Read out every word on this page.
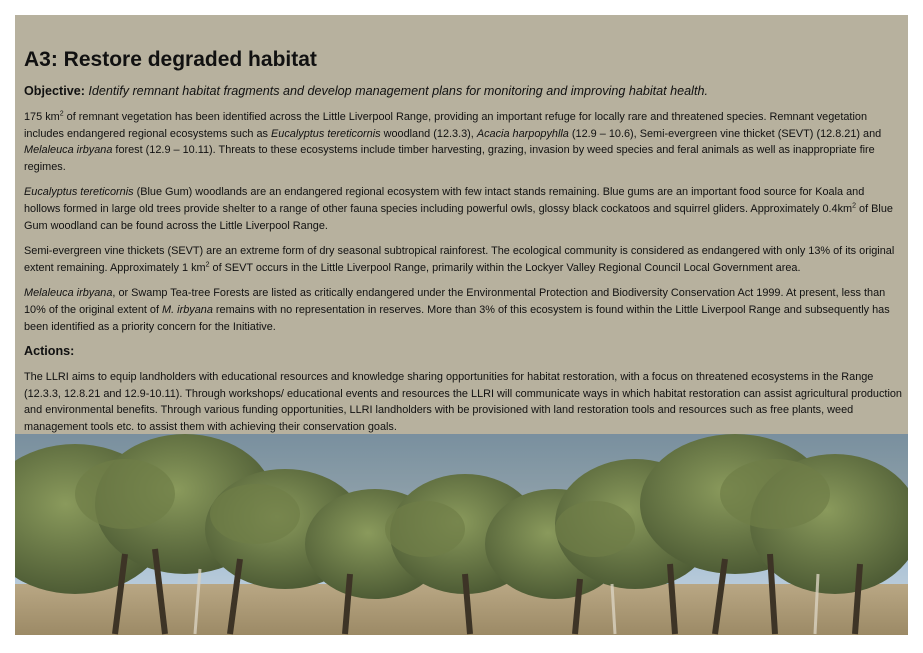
A3: Restore degraded habitat
Objective: Identify remnant habitat fragments and develop management plans for monitoring and improving habitat health.

175 $km^2$ of remnant vegetation has been identified across the Little Liverpool Range, providing an important refuge for locally rare and threatened species. Remnant vegetation includes endangered regional ecosystems such as Eucalyptus tereticornis woodland (12.3.3), Acacia harpopyhlla (12.9 – 10.6), Semi-evergreen vine thicket (SEVT) (12.8.21) and Melaleuca irbyana forest (12.9 – 10.11). Threats to these ecosystems include timber harvesting, grazing, invasion by weed species and feral animals as well as inappropriate fire regimes.

Eucalyptus tereticornis (Blue Gum) woodlands are an endangered regional ecosystem with few intact stands remaining. Blue gums are an important food source for Koala and hollows formed in large old trees provide shelter to a range of other fauna species including powerful owls, glossy black cockatoos and squirrel gliders. Approximately $0.4km^2$ of Blue Gum woodland can be found across the Little Liverpool Range.

Semi-evergreen vine thickets (SEVT) are an extreme form of dry seasonal subtropical rainforest. The ecological community is considered as endangered with only 13% of its original extent remaining. Approximately 1 $km^2$ of SEVT occurs in the Little Liverpool Range, primarily within the Lockyer Valley Regional Council Local Government area.

Melaleuca irbyana, or Swamp Tea-tree Forests are listed as critically endangered under the Environmental Protection and Biodiversity Conservation Act 1999. At present, less than 10% of the original extent of M. irbyana remains with no representation in reserves. More than 3% of this ecosystem is found within the Little Liverpool Range and subsequently has been identified as a priority concern for the Initiative.

Actions:

The LLRI aims to equip landholders with educational resources and knowledge sharing opportunities for habitat restoration, with a focus on threatened ecosystems in the Range (12.3.3, 12.8.21 and 12.9-10.11). Through workshops/ educational events and resources the LLRI will communicate ways in which habitat restoration can assist agricultural production and environmental benefits. Through various funding opportunities, LLRI landholders with be provisioned with land restoration tools and resources such as free plants, weed management tools etc. to assist them with achieving their conservation goals.
